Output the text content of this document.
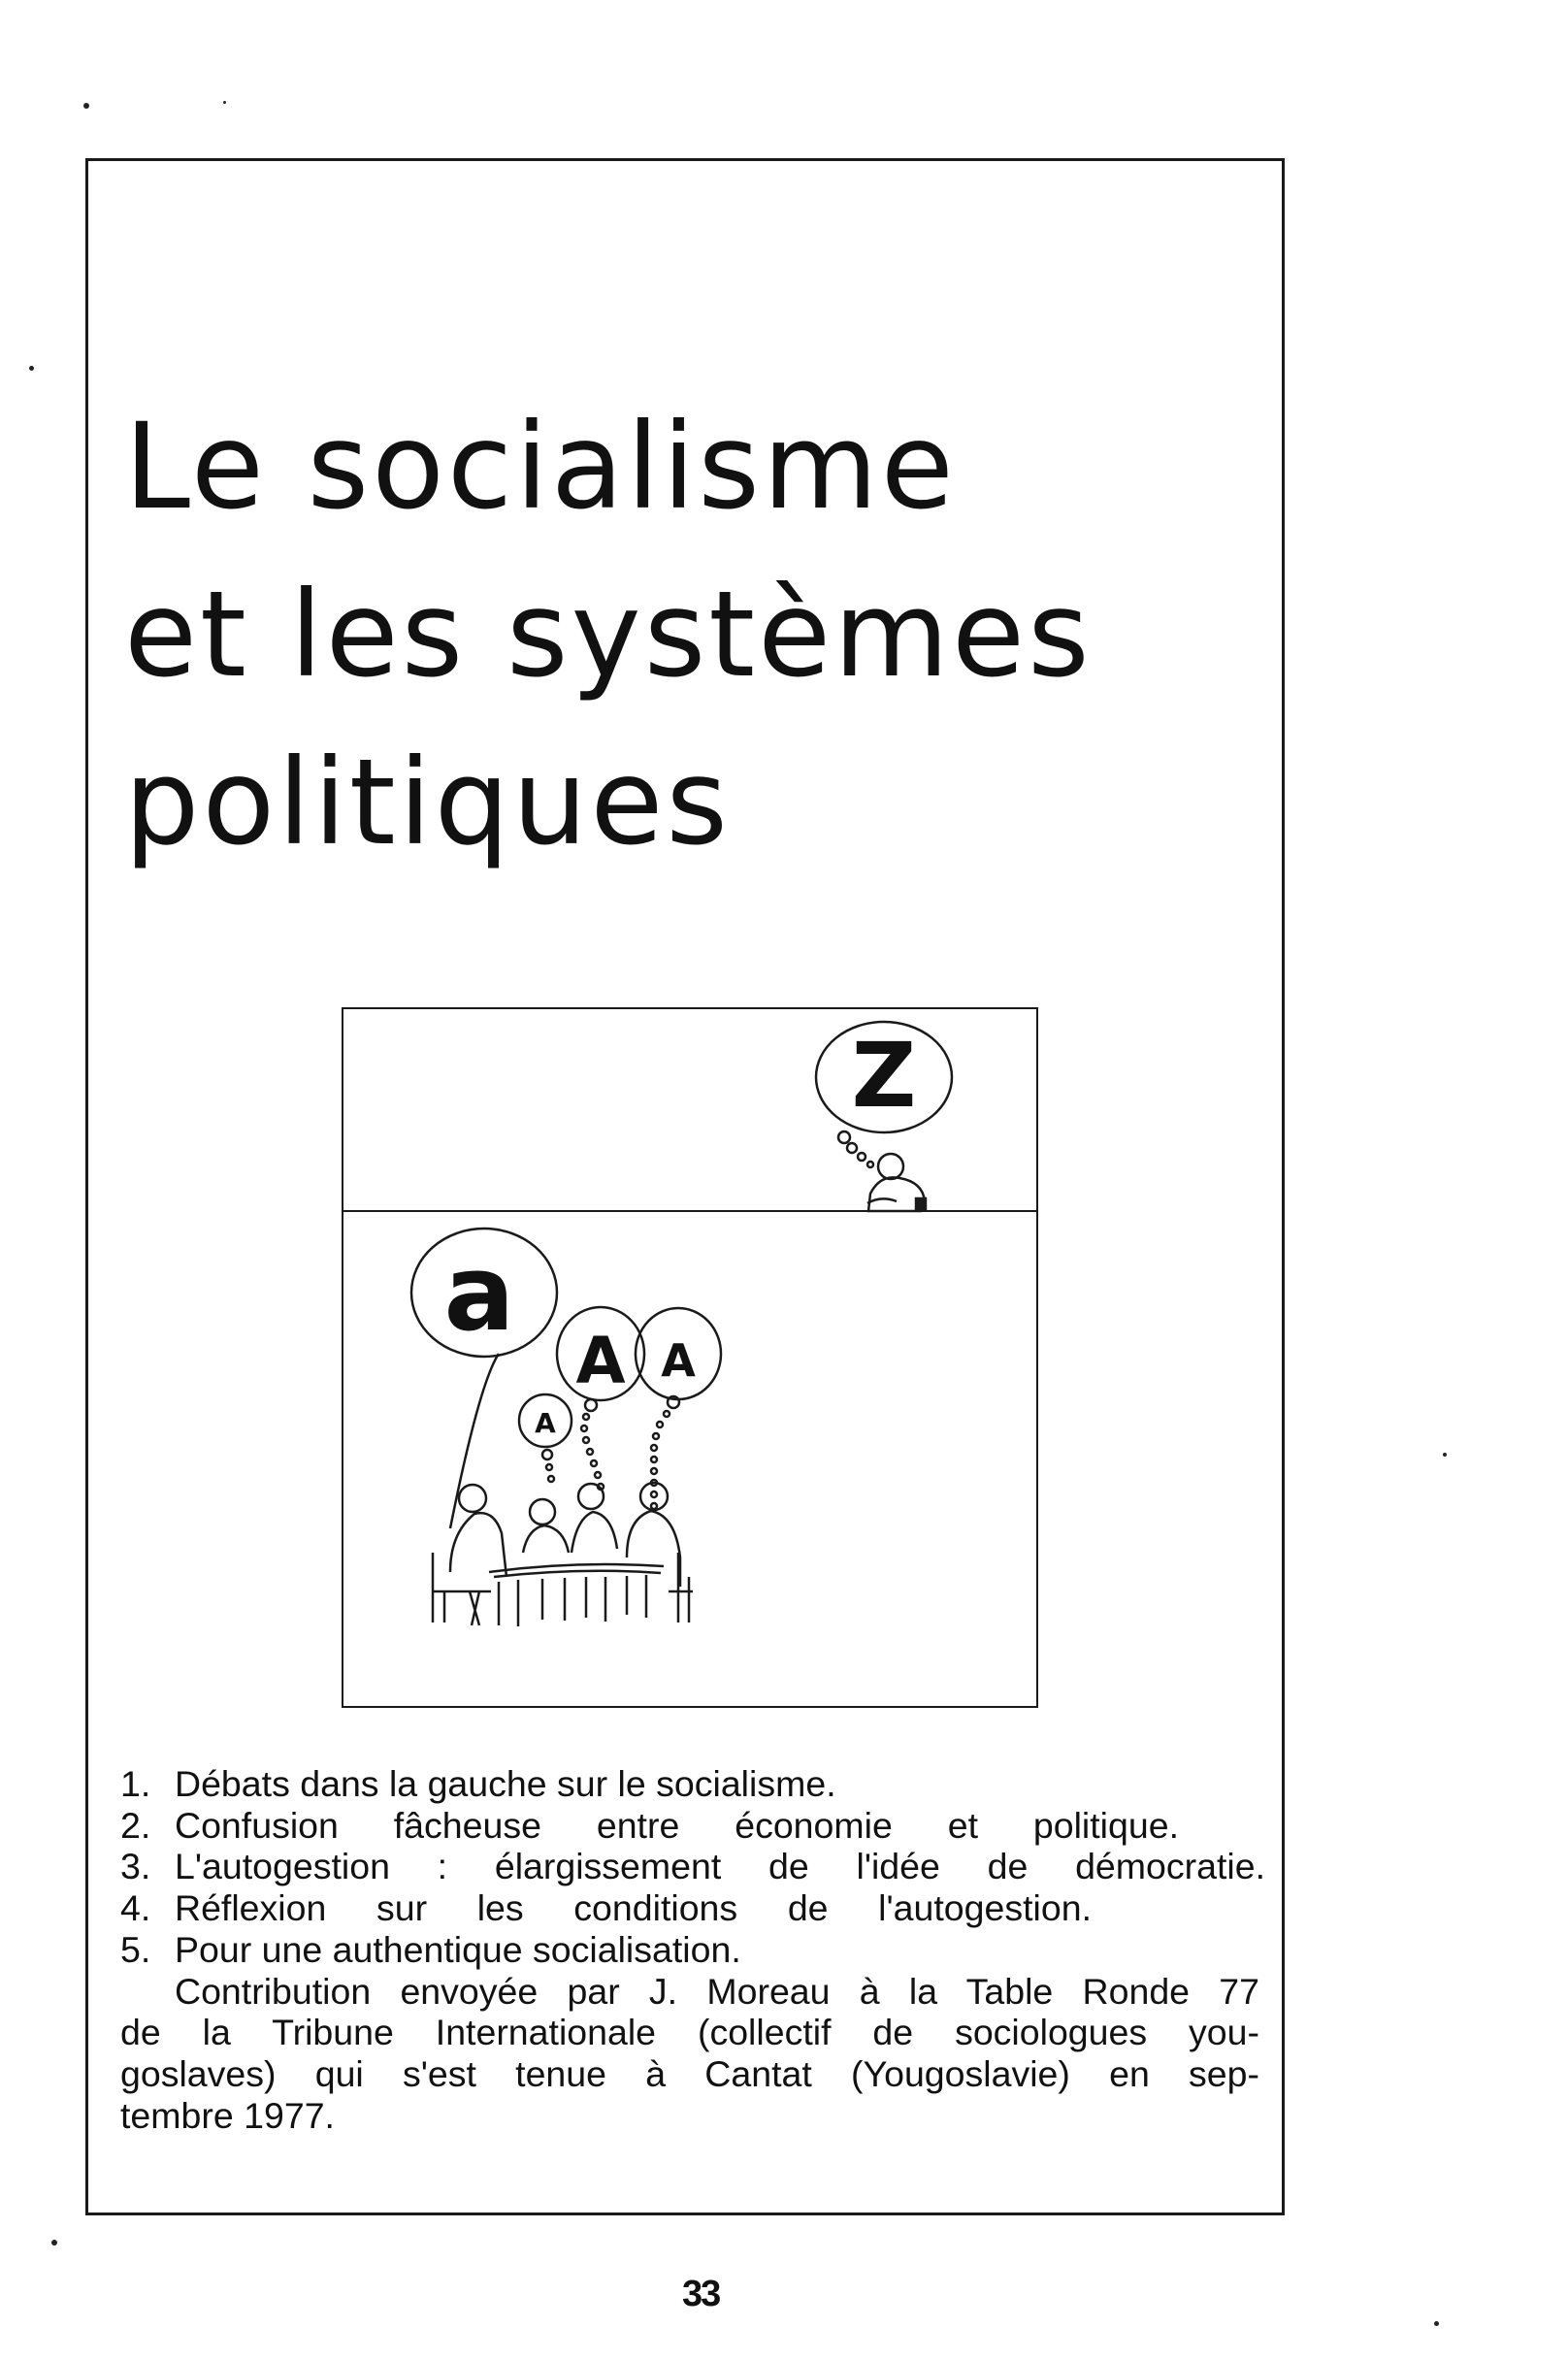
Le socialisme
et les systèmes
politiques
Z
a
A A
A
1. Débats dans la gauche sur le socialisme.
2. Confusion fâcheuse entre économie et politique.
3. L'autogestion : élargissement de l'idée de démocratie.
4. Réflexion sur les conditions de l'autogestion.
5. Pour une authentique socialisation.

Contribution envoyée par J. Moreau à la Table Ronde 77
de la Tribune Internationale (collectif de sociologues you-
goslaves) qui s'est tenue à Cantat (Yougoslavie) en sep-
tembre 1977.

33
